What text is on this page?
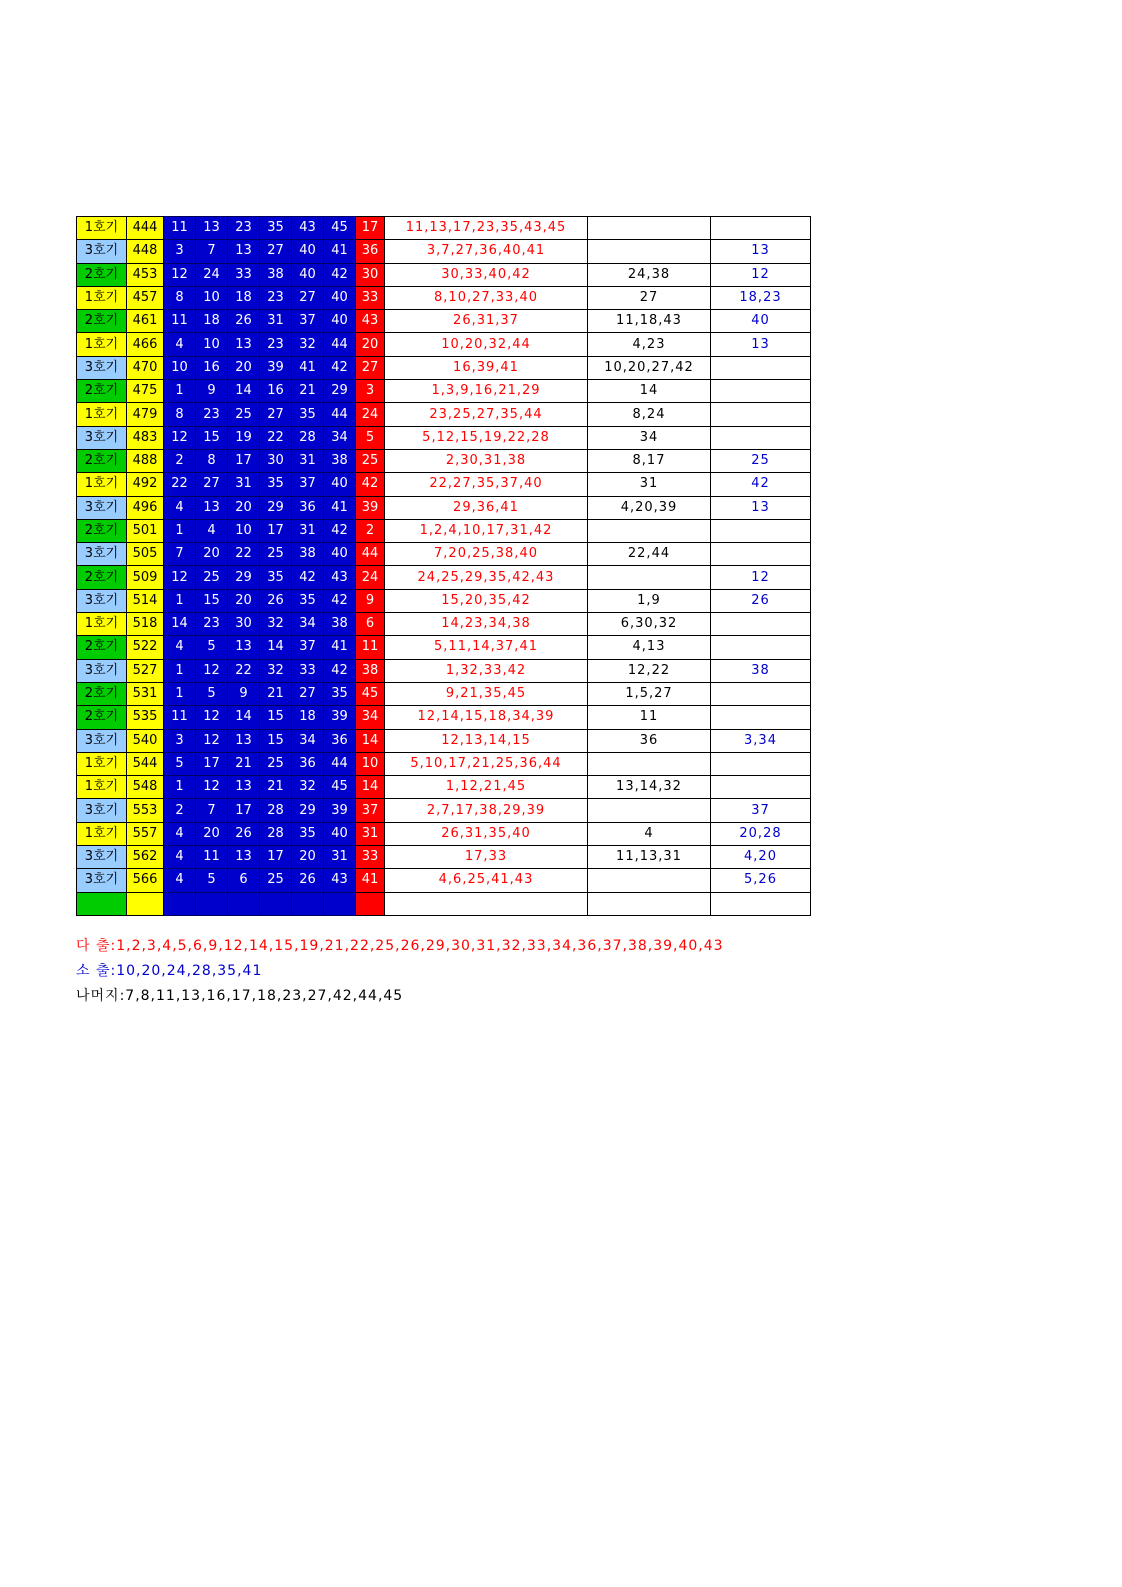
1호기	444	11	13	23	35	43	45	17	11,13,17,23,35,43,45		
3호기	448	3	7	13	27	40	41	36	3,7,27,36,40,41		13
2호기	453	12	24	33	38	40	42	30	30,33,40,42	24,38	12
1호기	457	8	10	18	23	27	40	33	8,10,27,33,40	27	18,23
2호기	461	11	18	26	31	37	40	43	26,31,37	11,18,43	40
1호기	466	4	10	13	23	32	44	20	10,20,32,44	4,23	13
3호기	470	10	16	20	39	41	42	27	16,39,41	10,20,27,42	
2호기	475	1	9	14	16	21	29	3	1,3,9,16,21,29	14	
1호기	479	8	23	25	27	35	44	24	23,25,27,35,44	8,24	
3호기	483	12	15	19	22	28	34	5	5,12,15,19,22,28	34	
2호기	488	2	8	17	30	31	38	25	2,30,31,38	8,17	25
1호기	492	22	27	31	35	37	40	42	22,27,35,37,40	31	42
3호기	496	4	13	20	29	36	41	39	29,36,41	4,20,39	13
2호기	501	1	4	10	17	31	42	2	1,2,4,10,17,31,42		
3호기	505	7	20	22	25	38	40	44	7,20,25,38,40	22,44	
2호기	509	12	25	29	35	42	43	24	24,25,29,35,42,43		12
3호기	514	1	15	20	26	35	42	9	15,20,35,42	1,9	26
1호기	518	14	23	30	32	34	38	6	14,23,34,38	6,30,32	
2호기	522	4	5	13	14	37	41	11	5,11,14,37,41	4,13	
3호기	527	1	12	22	32	33	42	38	1,32,33,42	12,22	38
2호기	531	1	5	9	21	27	35	45	9,21,35,45	1,5,27	
2호기	535	11	12	14	15	18	39	34	12,14,15,18,34,39	11	
3호기	540	3	12	13	15	34	36	14	12,13,14,15	36	3,34
1호기	544	5	17	21	25	36	44	10	5,10,17,21,25,36,44		
1호기	548	1	12	13	21	32	45	14	1,12,21,45	13,14,32	
3호기	553	2	7	17	28	29	39	37	2,7,17,38,29,39		37
1호기	557	4	20	26	28	35	40	31	26,31,35,40	4	20,28
3호기	562	4	11	13	17	20	31	33	17,33	11,13,31	4,20
3호기	566	4	5	6	25	26	43	41	4,6,25,41,43		5,26

다 출:1,2,3,4,5,6,9,12,14,15,19,21,22,25,26,29,30,31,32,33,34,36,37,38,39,40,43
소 출:10,20,24,28,35,41
나머지:7,8,11,13,16,17,18,23,27,42,44,45
